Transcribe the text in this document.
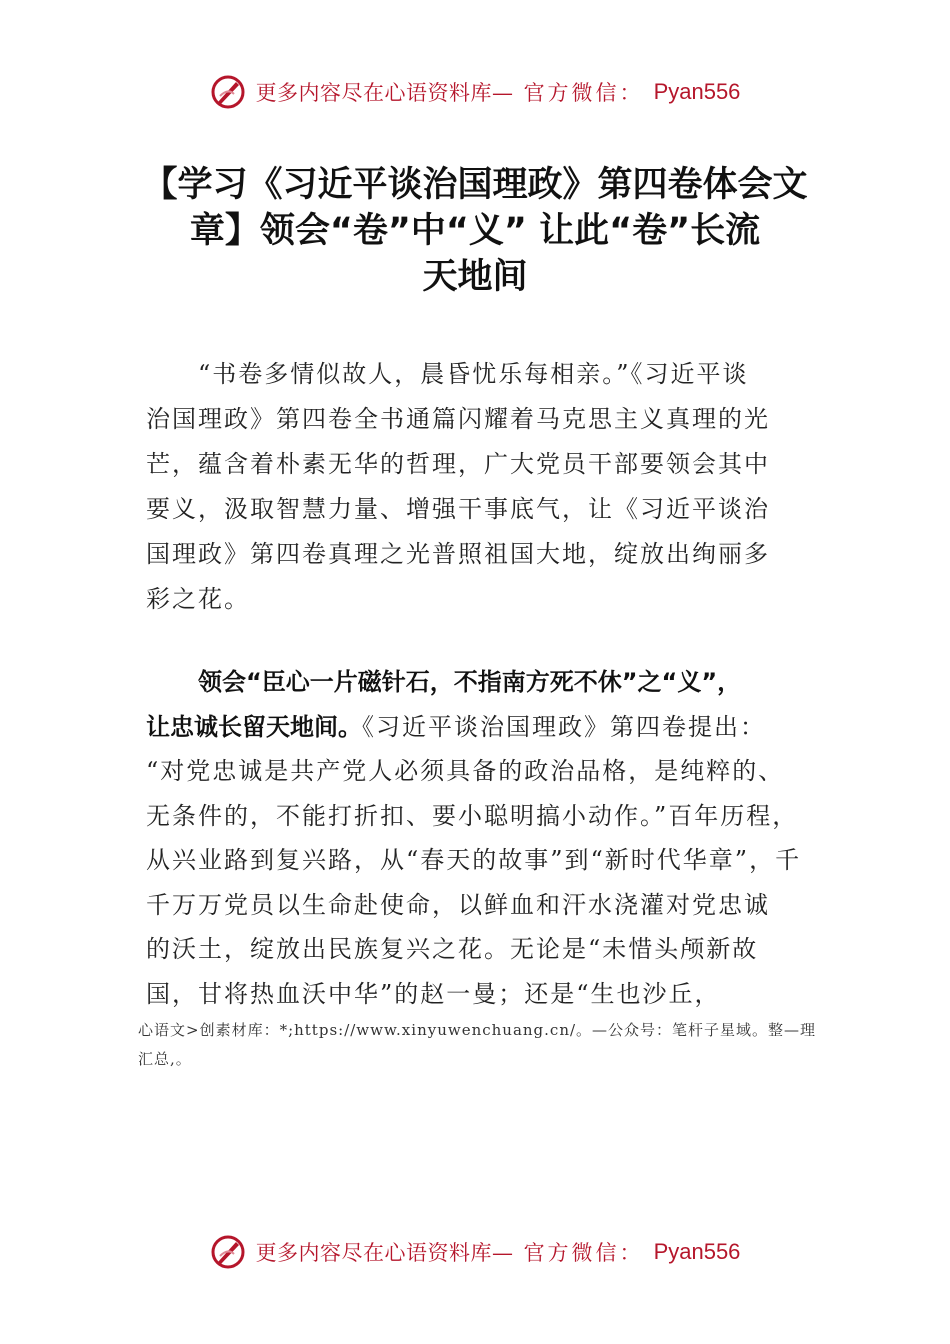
更多内容尽在心语资料库— 官方微信： Pyan556
【学习《习近平谈治国理政》第四卷体会文
章】领会“卷”中“义” 让此“卷”长流
天地间
“书卷多情似故人，晨昏忧乐每相亲。”《习近平谈
治国理政》第四卷全书通篇闪耀着马克思主义真理的光
芒，蕴含着朴素无华的哲理，广大党员干部要领会其中
要义，汲取智慧力量、增强干事底气，让《习近平谈治
国理政》第四卷真理之光普照祖国大地，绽放出绚丽多
彩之花。
领会“臣心一片磁针石，不指南方死不休”之“义”，
让忠诚长留天地间。《习近平谈治国理政》第四卷提出：
“对党忠诚是共产党人必须具备的政治品格，是纯粹的、
无条件的，不能打折扣、要小聪明搞小动作。”百年历程，
从兴业路到复兴路，从“春天的故事”到“新时代华章”，千
千万万党员以生命赴使命，以鲜血和汗水浇灌对党忠诚
的沃土，绽放出民族复兴之花。无论是“未惜头颅新故
国，甘将热血沃中华”的赵一曼；还是“生也沙丘，
心语文>创素材库：*;https://www.xinyuwenchuang.cn/。—公众号：笔杆子星域。整—理
汇总,。
更多内容尽在心语资料库— 官方微信： Pyan556
